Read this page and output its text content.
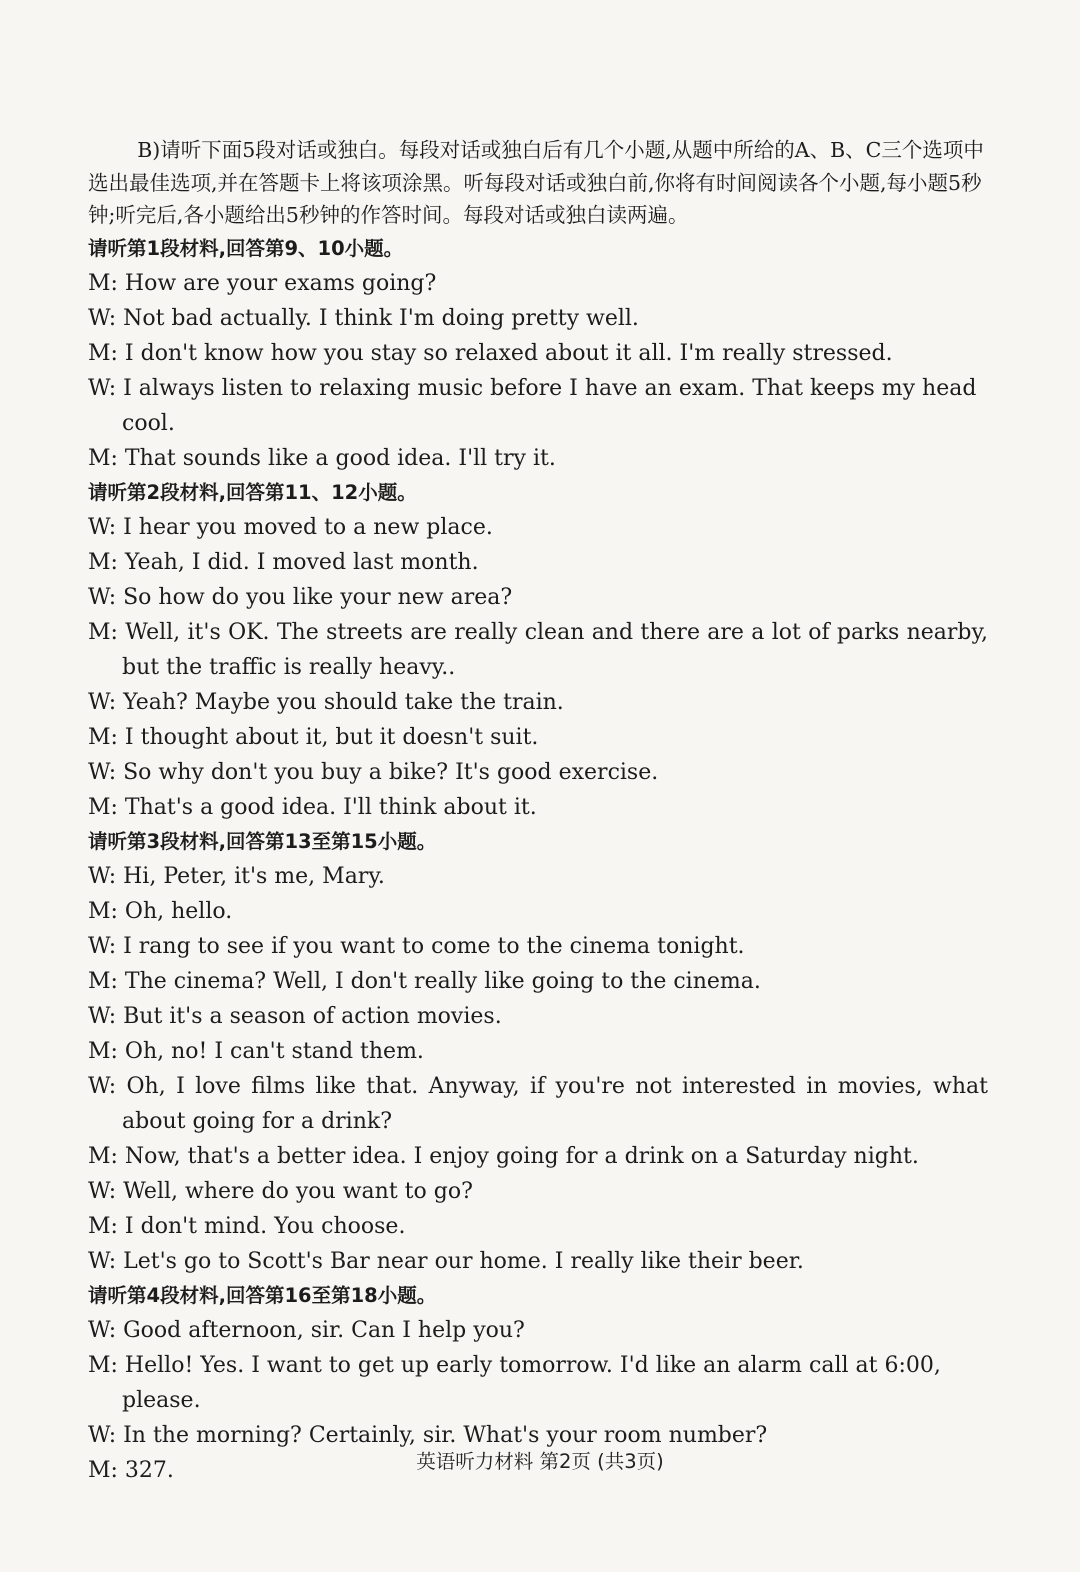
B)请听下面5段对话或独白。每段对话或独白后有几个小题,从题中所给的A、B、C三个选项中选出最佳选项,并在答题卡上将该项涂黑。听每段对话或独白前,你将有时间阅读各个小题,每小题5秒钟;听完后,各小题给出5秒钟的作答时间。每段对话或独白读两遍。

请听第1段材料,回答第9、10小题。

M: How are your exams going?

W: Not bad actually. I think I'm doing pretty well.

M: I don't know how you stay so relaxed about it all. I'm really stressed.

W: I always listen to relaxing music before I have an exam. That keeps my head cool.

M: That sounds like a good idea. I'll try it.

请听第2段材料,回答第11、12小题。

W: I hear you moved to a new place.

M: Yeah, I did. I moved last month.

W: So how do you like your new area?

M: Well, it's OK. The streets are really clean and there are a lot of parks nearby, but the traffic is really heavy..

W: Yeah? Maybe you should take the train.

M: I thought about it, but it doesn't suit.

W: So why don't you buy a bike? It's good exercise.

M: That's a good idea. I'll think about it.

请听第3段材料,回答第13至第15小题。

W: Hi, Peter, it's me, Mary.

M: Oh, hello.

W: I rang to see if you want to come to the cinema tonight.

M: The cinema? Well, I don't really like going to the cinema.

W: But it's a season of action movies.

M: Oh, no! I can't stand them.

W: Oh, I love films like that. Anyway, if you're not interested in movies, what about going for a drink?

M: Now, that's a better idea. I enjoy going for a drink on a Saturday night.

W: Well, where do you want to go?

M: I don't mind. You choose.

W: Let's go to Scott's Bar near our home. I really like their beer.

请听第4段材料,回答第16至第18小题。

W: Good afternoon, sir. Can I help you?

M: Hello! Yes. I want to get up early tomorrow. I'd like an alarm call at 6:00, please.

W: In the morning? Certainly, sir. What's your room number?

M: 327.	英语听力材料 第2页 (共3页)
